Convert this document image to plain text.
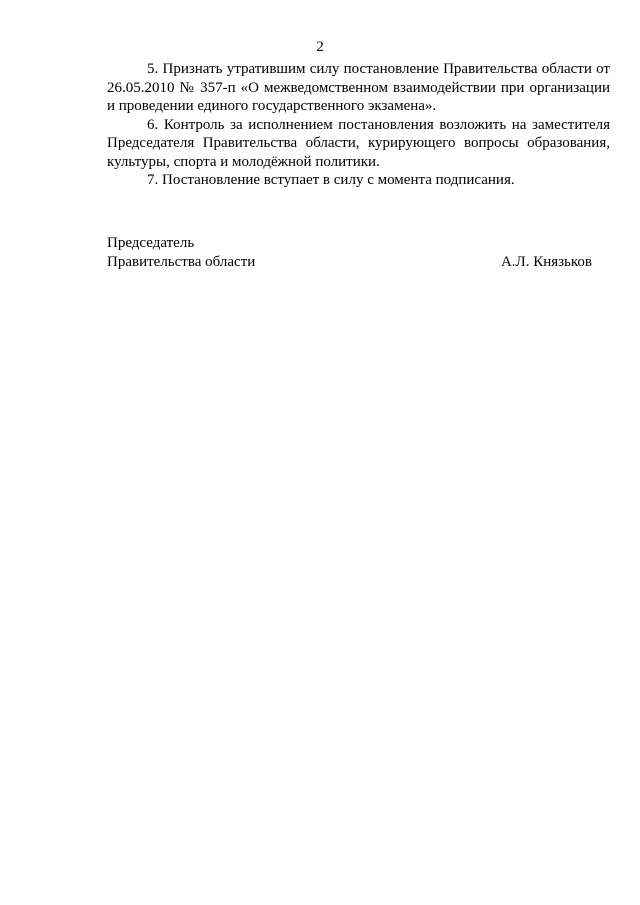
2

5. Признать утратившим силу постановление Правительства области от 26.05.2010 № 357-п «О межведомственном взаимодействии при организации и проведении единого государственного экзамена».

6. Контроль за исполнением постановления возложить на заместителя Председателя Правительства области, курирующего вопросы образования, культуры, спорта и молодёжной политики.

7. Постановление вступает в силу с момента подписания.

Председатель
Правительства области	А.Л. Князьков
